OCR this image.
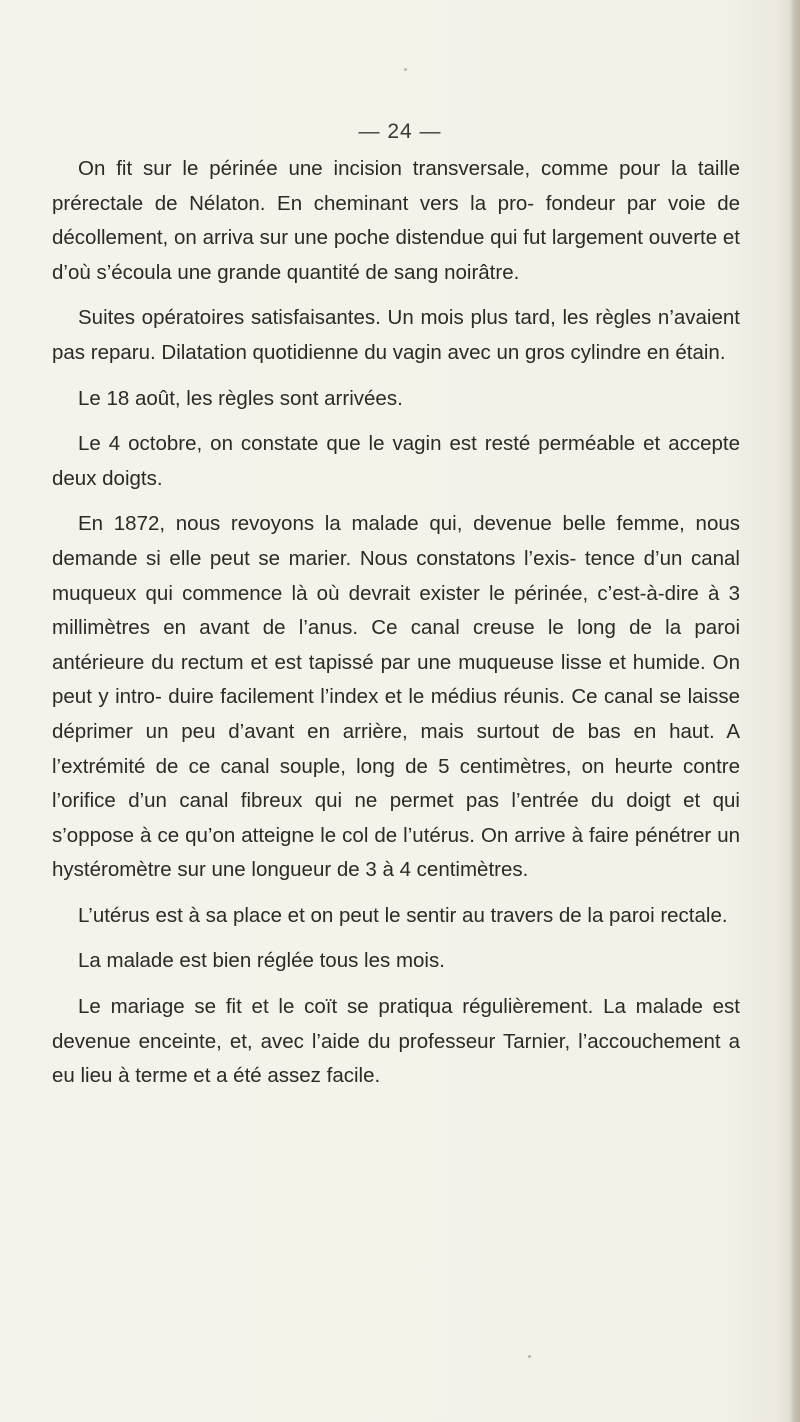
— 24 —

On fit sur le périnée une incision transversale, comme pour la taille prérectale de Nélaton. En cheminant vers la pro- fondeur par voie de décollement, on arriva sur une poche distendue qui fut largement ouverte et d’où s’écoula une grande quantité de sang noirâtre.

Suites opératoires satisfaisantes. Un mois plus tard, les règles n’avaient pas reparu. Dilatation quotidienne du vagin avec un gros cylindre en étain.

Le 18 août, les règles sont arrivées.

Le 4 octobre, on constate que le vagin est resté perméable et accepte deux doigts.

En 1872, nous revoyons la malade qui, devenue belle femme, nous demande si elle peut se marier. Nous constatons l’exis- tence d’un canal muqueux qui commence là où devrait exister le périnée, c’est-à-dire à 3 millimètres en avant de l’anus. Ce canal creuse le long de la paroi antérieure du rectum et est tapissé par une muqueuse lisse et humide. On peut y intro- duire facilement l’index et le médius réunis. Ce canal se laisse déprimer un peu d’avant en arrière, mais surtout de bas en haut. A l’extrémité de ce canal souple, long de 5 centimètres, on heurte contre l’orifice d’un canal fibreux qui ne permet pas l’entrée du doigt et qui s’oppose à ce qu’on atteigne le col de l’utérus. On arrive à faire pénétrer un hystéromètre sur une longueur de 3 à 4 centimètres.

L’utérus est à sa place et on peut le sentir au travers de la paroi rectale.

La malade est bien réglée tous les mois.

Le mariage se fit et le coït se pratiqua régulièrement. La malade est devenue enceinte, et, avec l’aide du professeur Tarnier, l’accouchement a eu lieu à terme et a été assez facile.
